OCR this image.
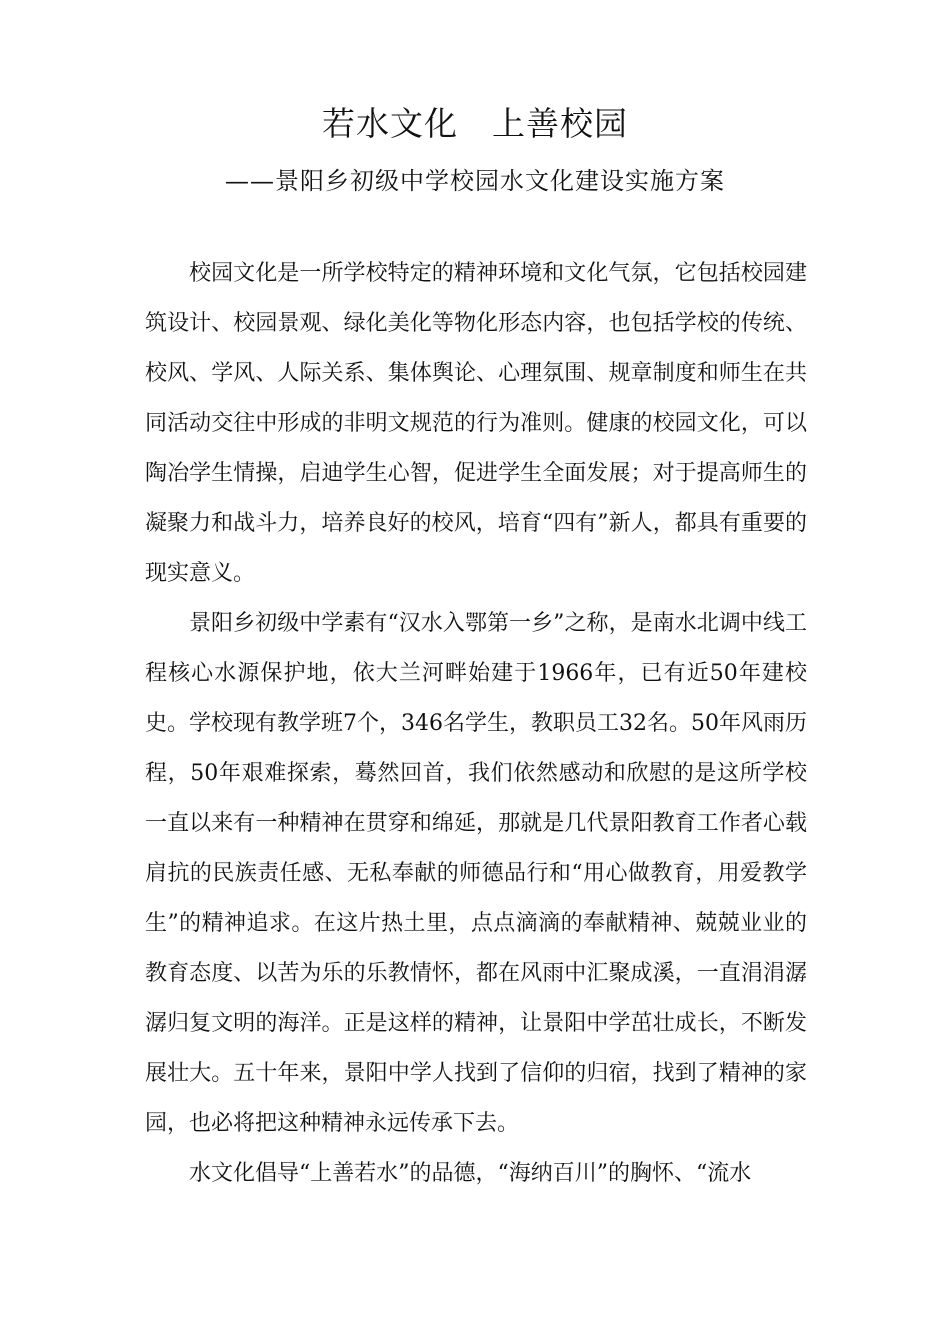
若水文化　上善校园
——景阳乡初级中学校园水文化建设实施方案

校园文化是一所学校特定的精神环境和文化气氛，它包括校园建筑设计、校园景观、绿化美化等物化形态内容，也包括学校的传统、校风、学风、人际关系、集体舆论、心理氛围、规章制度和师生在共同活动交往中形成的非明文规范的行为准则。健康的校园文化，可以陶冶学生情操，启迪学生心智，促进学生全面发展；对于提高师生的凝聚力和战斗力，培养良好的校风，培育“四有”新人，都具有重要的现实意义。

景阳乡初级中学素有“汉水入鄂第一乡”之称，是南水北调中线工程核心水源保护地，依大兰河畔始建于1966年，已有近50年建校史。学校现有教学班7个，346名学生，教职员工32名。50年风雨历程，50年艰难探索，蓦然回首，我们依然感动和欣慰的是这所学校一直以来有一种精神在贯穿和绵延，那就是几代景阳教育工作者心载肩抗的民族责任感、无私奉献的师德品行和“用心做教育，用爱教学生”的精神追求。在这片热土里，点点滴滴的奉献精神、兢兢业业的教育态度、以苦为乐的乐教情怀，都在风雨中汇聚成溪，一直涓涓潺潺归复文明的海洋。正是这样的精神，让景阳中学茁壮成长，不断发展壮大。五十年来，景阳中学人找到了信仰的归宿，找到了精神的家园，也必将把这种精神永远传承下去。

水文化倡导“上善若水”的品德，“海纳百川”的胸怀、“流水
